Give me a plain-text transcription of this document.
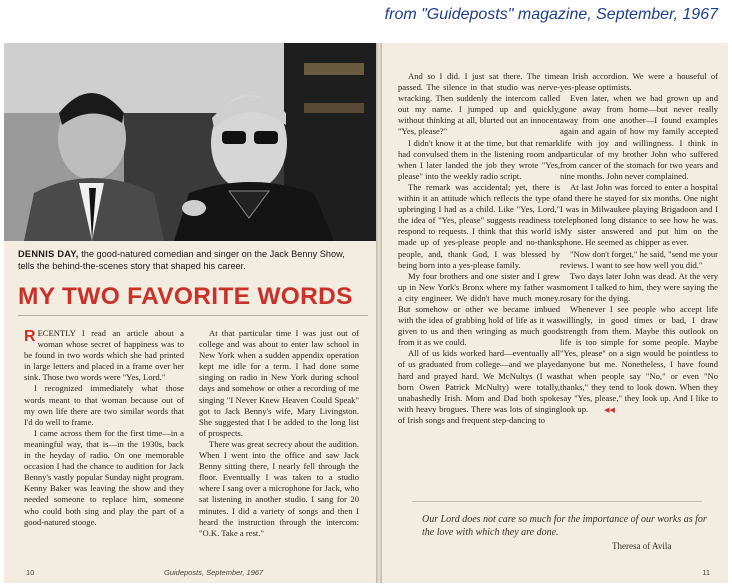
from "Guideposts" magazine, September, 1967
DENNIS DAY, the good-natured comedian and singer on the Jack Benny Show, tells the behind-the-scenes story that shaped his career.
MY TWO FAVORITE WORDS

RECENTLY I read an article about a woman whose secret of happiness was to be found in two words which she had printed in large letters and placed in a frame over her sink. Those two words were "Yes, Lord."

I recognized immediately what those words meant to that woman because out of my own life there are two similar words that I'd do well to frame.

I came across them for the first time—in a meaningful way, that is—in the 1930s, back in the heyday of radio. On one memorable occasion I had the chance to audition for Jack Benny's vastly popular Sunday night program. Kenny Baker was leaving the show and they needed someone to replace him, someone who could both sing and play the part of a good-natured stooge.

At that particular time I was just out of college and was about to enter law school in New York when a sudden appendix operation kept me idle for a term. I had done some singing on radio in New York during school days and somehow or other a recording of me singing "I Never Knew Heaven Could Speak" got to Jack Benny's wife, Mary Livingston. She suggested that I be added to the long list of prospects.

There was great secrecy about the audition. When I went into the office and saw Jack Benny sitting there, I nearly fell through the floor. Eventually I was taken to a studio where I sang over a microphone for Jack, who sat listening in another studio. I sang for 20 minutes. I did a variety of songs and then I heard the instruction through the intercom: "O.K. Take a rest."

10	Guideposts, September, 1967

And so I did. I just sat there. The time passed. The silence in that studio was nerve-wracking. Then suddenly the intercom called out my name. I jumped up and quickly, without thinking at all, blurted out an innocent "Yes, please?"

I didn't know it at the time, but that remark had convulsed them in the listening room and when I later landed the job they wrote "Yes, please" into the weekly radio script.

The remark was accidental; yet, there is within it an attitude which reflects the type of upbringing I had as a child. Like "Yes, Lord," the idea of "Yes, please" suggests readiness to respond to requests. I think that this world is made up of yes-please people and no-thanks people, and, thank God, I was blessed by being born into a yes-please family.

My four brothers and one sister and I grew up in New York's Bronx where my father was a city engineer. We didn't have much money. But somehow or other we became imbued with the idea of grabbing hold of life as it was given to us and then wringing as much good from it as we could.

All of us kids worked hard—eventually all of us graduated from college—and we played hard and prayed hard. We McNultys (I was born Owen Patrick McNulty) were totally, unabashedly Irish. Mom and Dad both spoke with heavy brogues. There was lots of singing of Irish songs and frequent step-dancing to

an Irish accordion. We were a houseful of yes-please optimists.

Even later, when we had grown up and gone away from home—but never really away from one another—I found examples again and again of how my family accepted life with joy and willingness. I think in particular of my brother John who suffered from cancer of the stomach for two years and nine months. John never complained.

At last John was forced to enter a hospital and there he stayed for six months. One night I was in Milwaukee playing Brigadoon and I telephoned long distance to see how he was. My sister answered and put him on the phone. He seemed as chipper as ever.

"Now don't forget," he said, "send me your reviews. I want to see how well you did."

Two days later John was dead. At the very moment I talked to him, they were saying the rosary for the dying.

Whenever I see people who accept life willingly, in good times or bad, I draw strength from them. Maybe this outlook on life is too simple for some people. Maybe "Yes, please" on a sign would be pointless to anyone but me. Nonetheless, I have found that when people say "No," or even "No thanks," they tend to look down. When they say "Yes, please," they look up. And I like to look up. ◀◀

Our Lord does not care so much for the importance of our works as for the love with which they are done.
Theresa of Avila
11
